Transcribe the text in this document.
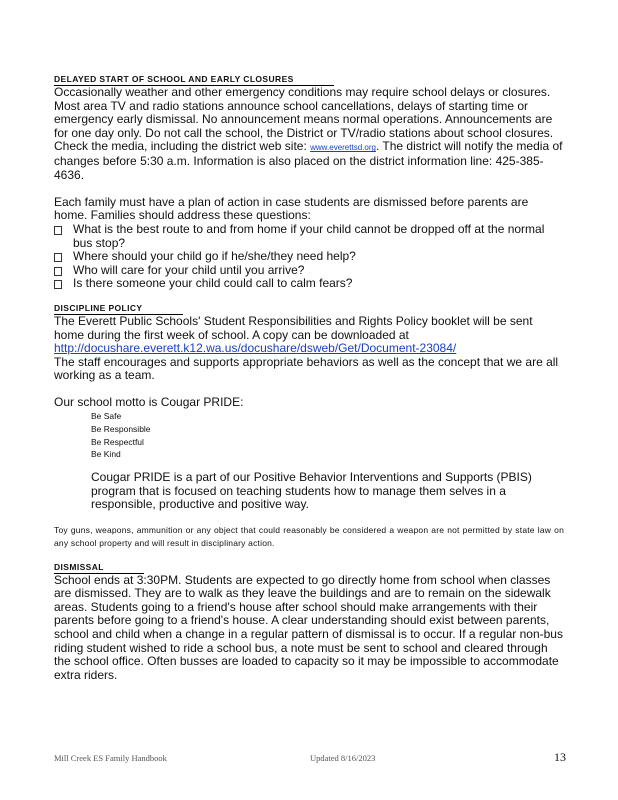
DELAYED START OF SCHOOL AND EARLY CLOSURES

Occasionally weather and other emergency conditions may require school delays or closures. Most area TV and radio stations announce school cancellations, delays of starting time or emergency early dismissal. No announcement means normal operations. Announcements are for one day only. Do not call the school, the District or TV/radio stations about school closures. Check the media, including the district web site: www.everettsd.org. The district will notify the media of changes before 5:30 a.m. Information is also placed on the district information line: 425-385-4636.

Each family must have a plan of action in case students are dismissed before parents are home. Families should address these questions:

What is the best route to and from home if your child cannot be dropped off at the normal bus stop?
Where should your child go if he/she/they need help?
Who will care for your child until you arrive?
Is there someone your child could call to calm fears?
DISCIPLINE POLICY

The Everett Public Schools' Student Responsibilities and Rights Policy booklet will be sent home during the first week of school. A copy can be downloaded at

http://docushare.everett.k12.wa.us/docushare/dsweb/Get/Document-23084/

The staff encourages and supports appropriate behaviors as well as the concept that we are all working as a team.

Our school motto is Cougar PRIDE:

Be Safe
Be Responsible
Be Respectful
Be Kind

Cougar PRIDE is a part of our Positive Behavior Interventions and Supports (PBIS) program that is focused on teaching students how to manage them selves in a responsible, productive and positive way.

Toy guns, weapons, ammunition or any object that could reasonably be considered a weapon are not permitted by state law on any school property and will result in disciplinary action.

DISMISSAL

School ends at 3:30PM. Students are expected to go directly home from school when classes are dismissed. They are to walk as they leave the buildings and are to remain on the sidewalk areas. Students going to a friend's house after school should make arrangements with their parents before going to a friend's house. A clear understanding should exist between parents, school and child when a change in a regular pattern of dismissal is to occur. If a regular non-bus riding student wished to ride a school bus, a note must be sent to school and cleared through the school office. Often busses are loaded to capacity so it may be impossible to accommodate extra riders.

Mill Creek ES Family Handbook	Updated 8/16/2023	13
